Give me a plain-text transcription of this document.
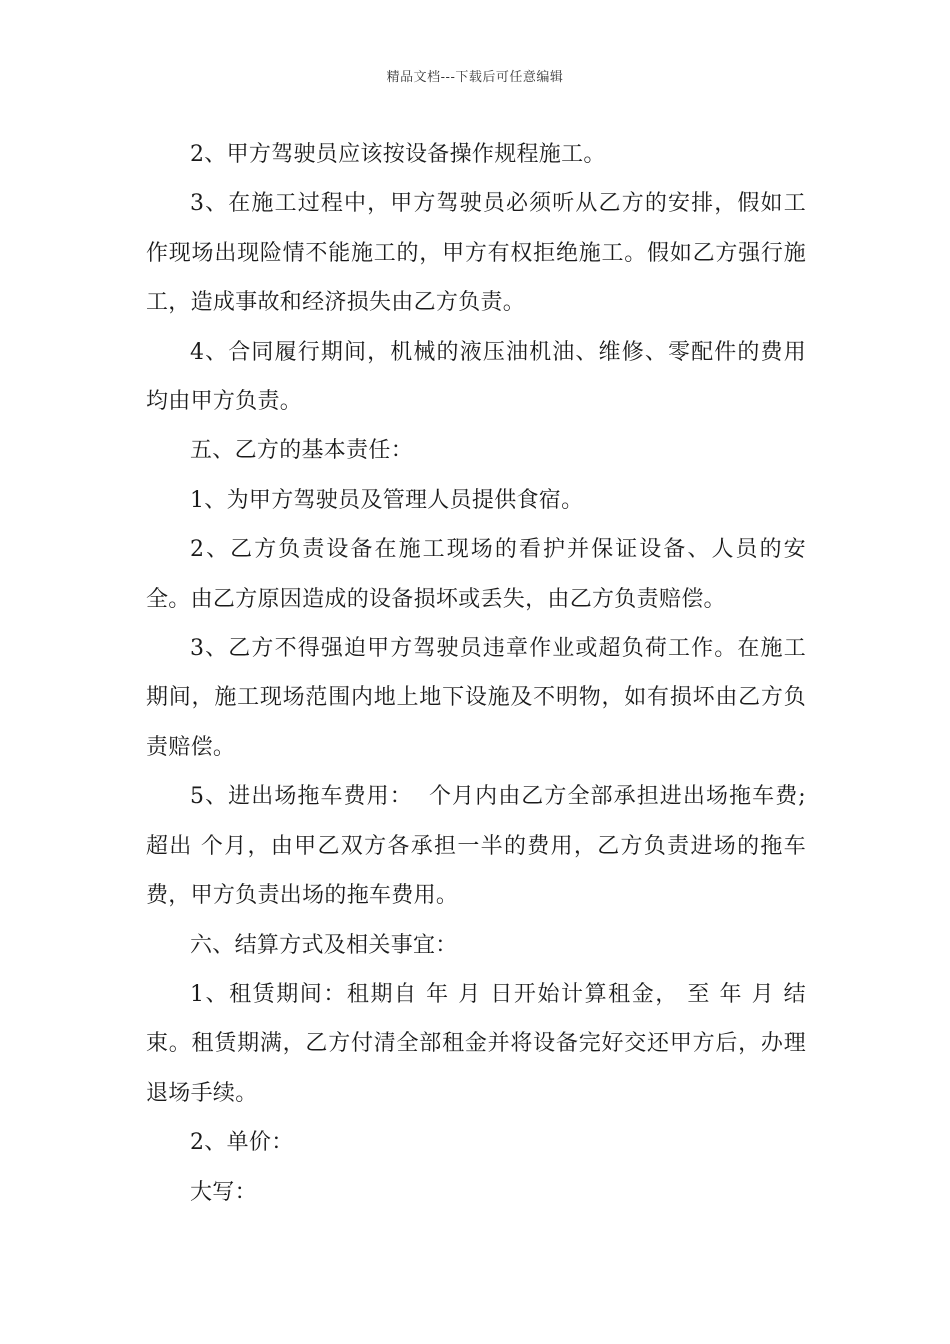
精品文档---下载后可任意编辑

2、甲方驾驶员应该按设备操作规程施工。

3、在施工过程中，甲方驾驶员必须听从乙方的安排，假如工作现场出现险情不能施工的，甲方有权拒绝施工。假如乙方强行施工，造成事故和经济损失由乙方负责。

4、合同履行期间，机械的液压油机油、维修、零配件的费用均由甲方负责。

五、乙方的基本责任：

1、为甲方驾驶员及管理人员提供食宿。

2、乙方负责设备在施工现场的看护并保证设备、人员的安全。由乙方原因造成的设备损坏或丢失，由乙方负责赔偿。

3、乙方不得强迫甲方驾驶员违章作业或超负荷工作。在施工期间，施工现场范围内地上地下设施及不明物，如有损坏由乙方负责赔偿。

5、进出场拖车费用：  个月内由乙方全部承担进出场拖车费;超出 个月，由甲乙双方各承担一半的费用，乙方负责进场的拖车费，甲方负责出场的拖车费用。

六、结算方式及相关事宜：

1、租赁期间：租期自 年 月 日开始计算租金， 至 年 月 结束。租赁期满，乙方付清全部租金并将设备完好交还甲方后，办理退场手续。

2、单价：

大写：
